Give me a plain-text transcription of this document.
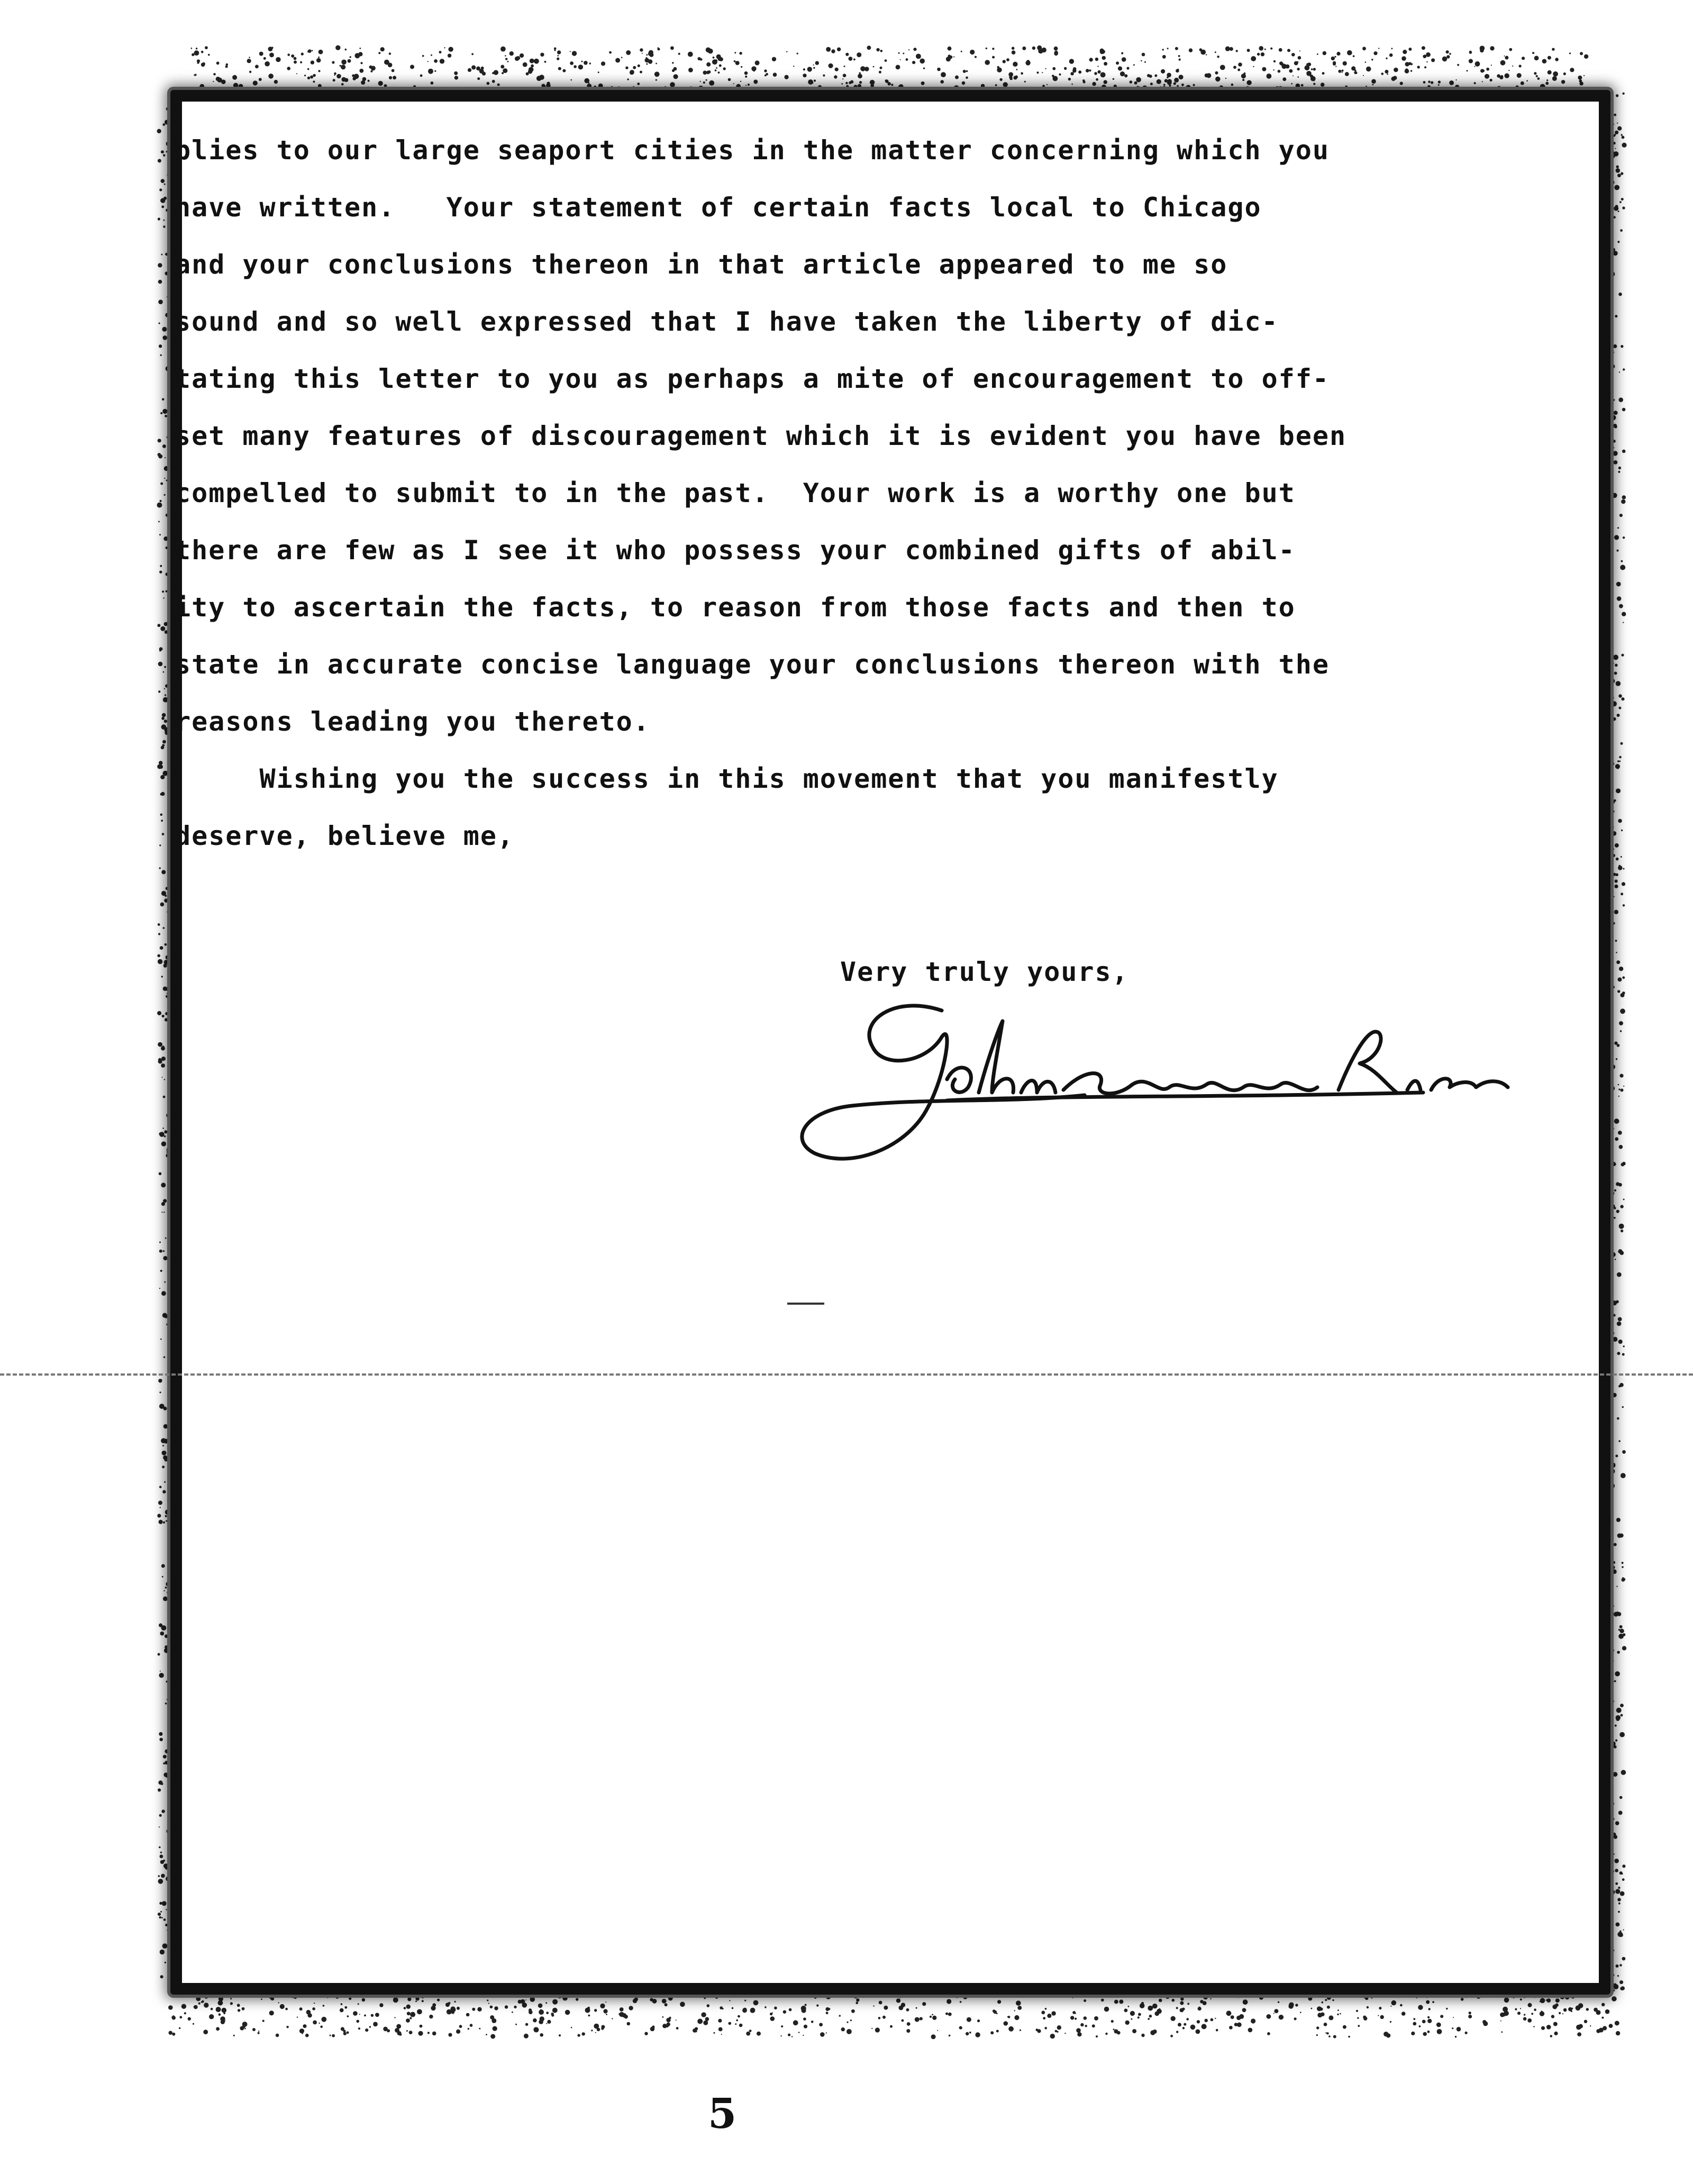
plies to our large seaport cities in the matter concerning which you
have written.   Your statement of certain facts local to Chicago
and your conclusions thereon in that article appeared to me so
sound and so well expressed that I have taken the liberty of dic-
tating this letter to you as perhaps a mite of encouragement to off-
set many features of discouragement which it is evident you have been
compelled to submit to in the past.  Your work is a worthy one but
there are few as I see it who possess your combined gifts of abil-
ity to ascertain the facts, to reason from those facts and then to
state in accurate concise language your conclusions thereon with the
reasons leading you thereto.
Wishing you the success in this movement that you manifestly
deserve, believe me,
Very truly yours,
5
